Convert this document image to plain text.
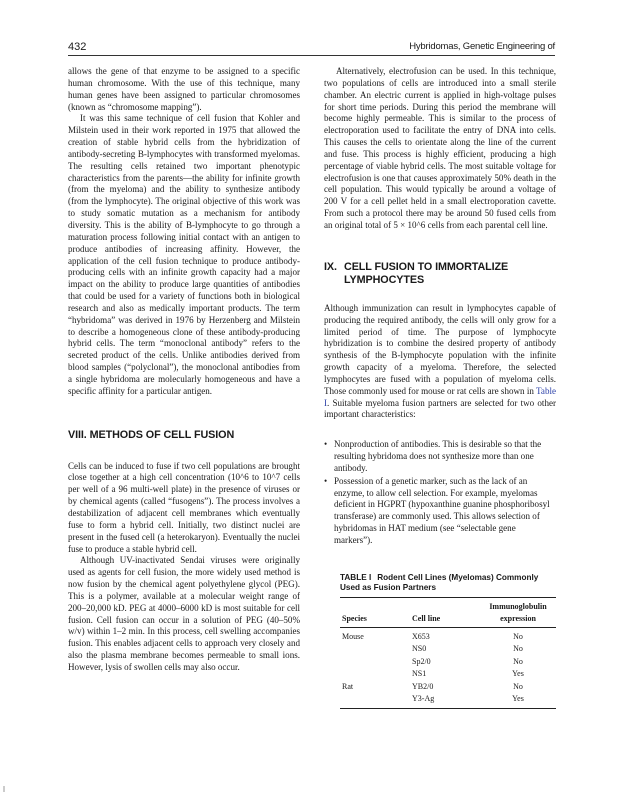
432	Hybridomas, Genetic Engineering of

allows the gene of that enzyme to be assigned to a specific human chromosome. With the use of this technique, many human genes have been assigned to particular chromosomes (known as “chromosome mapping”).

It was this same technique of cell fusion that Kohler and Milstein used in their work reported in 1975 that allowed the creation of stable hybrid cells from the hybridization of antibody-secreting B-lymphocytes with transformed myelomas. The resulting cells retained two important phenotypic characteristics from the parents—the ability for infinite growth (from the myeloma) and the ability to synthesize antibody (from the lymphocyte). The original objective of this work was to study somatic mutation as a mechanism for antibody diversity. This is the ability of B-lymphocyte to go through a maturation process following initial contact with an antigen to produce antibodies of increasing affinity. However, the application of the cell fusion technique to produce antibody-producing cells with an infinite growth capacity had a major impact on the ability to produce large quantities of antibodies that could be used for a variety of functions both in biological research and also as medically important products. The term “hybridoma” was derived in 1976 by Herzenberg and Milstein to describe a homogeneous clone of these antibody-producing hybrid cells. The term “monoclonal antibody” refers to the secreted product of the cells. Unlike antibodies derived from blood samples (“polyclonal”), the monoclonal antibodies from a single hybridoma are molecularly homogeneous and have a specific affinity for a particular antigen.

VIII. METHODS OF CELL FUSION

Cells can be induced to fuse if two cell populations are brought close together at a high cell concentration (10^6 to 10^7 cells per well of a 96 multi-well plate) in the presence of viruses or by chemical agents (called “fusogens”). The process involves a destabilization of adjacent cell membranes which eventually fuse to form a hybrid cell. Initially, two distinct nuclei are present in the fused cell (a heterokaryon). Eventually the nuclei fuse to produce a stable hybrid cell.

Although UV-inactivated Sendai viruses were originally used as agents for cell fusion, the more widely used method is now fusion by the chemical agent polyethylene glycol (PEG). This is a polymer, available at a molecular weight range of 200–20,000 kD. PEG at 4000–6000 kD is most suitable for cell fusion. Cell fusion can occur in a solution of PEG (40–50% w/v) within 1–2 min. In this process, cell swelling accompanies fusion. This enables adjacent cells to approach very closely and also the plasma membrane becomes permeable to small ions. However, lysis of swollen cells may also occur.

Alternatively, electrofusion can be used. In this technique, two populations of cells are introduced into a small sterile chamber. An electric current is applied in high-voltage pulses for short time periods. During this period the membrane will become highly permeable. This is similar to the process of electroporation used to facilitate the entry of DNA into cells. This causes the cells to orientate along the line of the current and fuse. This process is highly efficient, producing a high percentage of viable hybrid cells. The most suitable voltage for electrofusion is one that causes approximately 50% death in the cell population. This would typically be around a voltage of 200 V for a cell pellet held in a small electroporation cavette. From such a protocol there may be around 50 fused cells from an original total of 5 × 10^6 cells from each parental cell line.

IX. CELL FUSION TO IMMORTALIZE LYMPHOCYTES

Although immunization can result in lymphocytes capable of producing the required antibody, the cells will only grow for a limited period of time. The purpose of lymphocyte hybridization is to combine the desired property of antibody synthesis of the B-lymphocyte population with the infinite growth capacity of a myeloma. Therefore, the selected lymphocytes are fused with a population of myeloma cells. Those commonly used for mouse or rat cells are shown in Table I. Suitable myeloma fusion partners are selected for two other important characteristics:

• Nonproduction of antibodies. This is desirable so that the resulting hybridoma does not synthesize more than one antibody.
• Possession of a genetic marker, such as the lack of an enzyme, to allow cell selection. For example, myelomas deficient in HGPRT (hypoxanthine guanine phosphoribosyl transferase) are commonly used. This allows selection of hybridomas in HAT medium (see “selectable gene markers”).
TABLE I Rodent Cell Lines (Myelomas) Commonly Used as Fusion Partners
		Immunoglobulin
Species	Cell line	expression
Mouse	X653	No
	NS0	No
	Sp2/0	No
	NS1	Yes
Rat	YB2/0	No
	Y3-Ag	Yes
